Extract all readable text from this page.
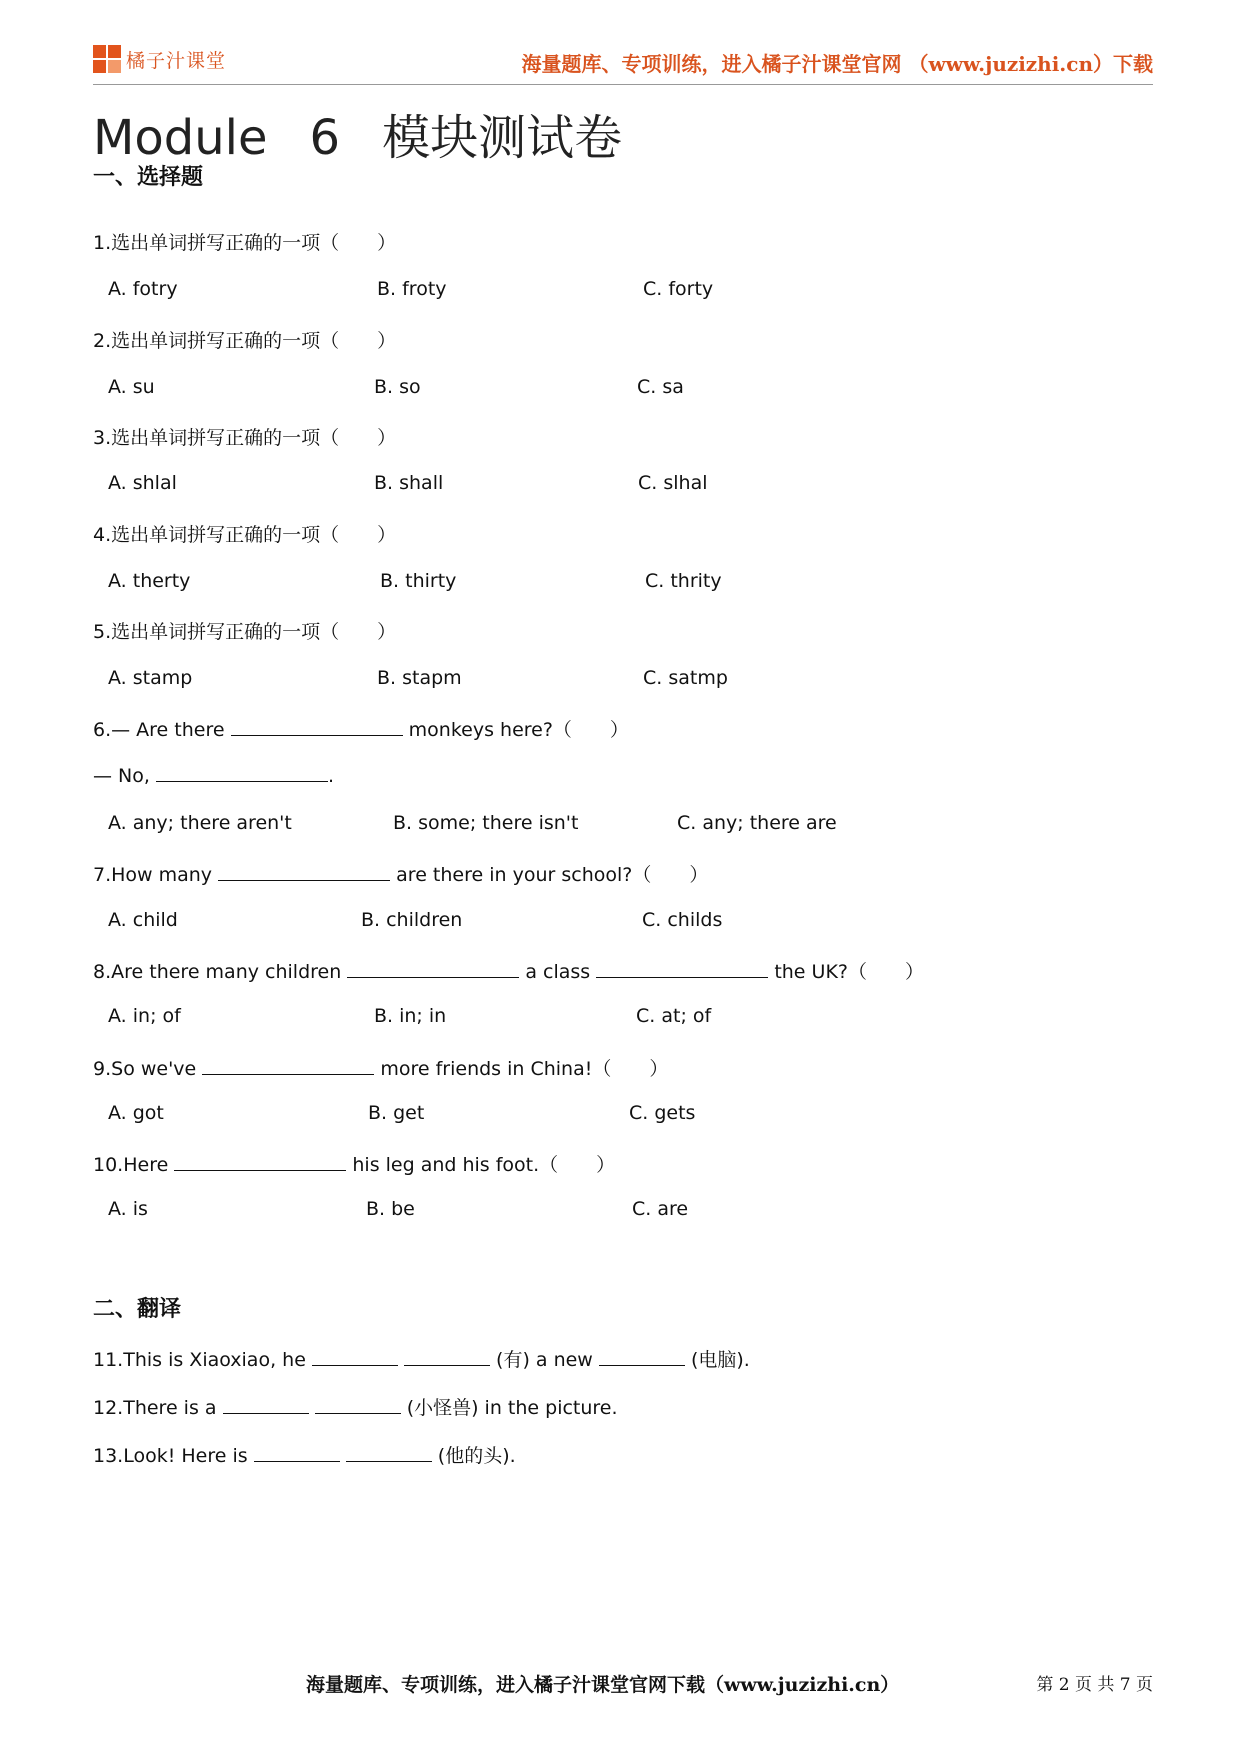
橘子汁课堂	海量题库、专项训练，进入橘子汁课堂官网 （www.juzizhi.cn）下载
Module 6 模块测试卷
一、选择题
1.选出单词拼写正确的一项（　　）
A. fotry	B. froty	C. forty
2.选出单词拼写正确的一项（　　）
A. su	B. so	C. sa
3.选出单词拼写正确的一项（　　）
A. shlal	B. shall	C. slhal
4.选出单词拼写正确的一项（　　）
A. therty	B. thirty	C. thrity
5.选出单词拼写正确的一项（　　）
A. stamp	B. stapm	C. satmp
6.— Are there	monkeys here?（　　）
— No,	.
A. any; there aren't	B. some; there isn't	C. any; there are
7.How many	are there in your school?（　　）
A. child	B. children	C. childs
8.Are there many children	a class	the UK?（　　）
A. in; of	B. in; in	C. at; of
9.So we've	more friends in China!（　　）
A. got	B. get	C. gets
10.Here	his leg and his foot.（　　）
A. is	B. be	C. are
二、翻译
11.This is Xiaoxiao, he	(有) a new	(电脑).
12.There is a	(小怪兽) in the picture.
13.Look! Here is	(他的头).
海量题库、专项训练，进入橘子汁课堂官网下载（www.juzizhi.cn）	第 2 页 共 7 页
